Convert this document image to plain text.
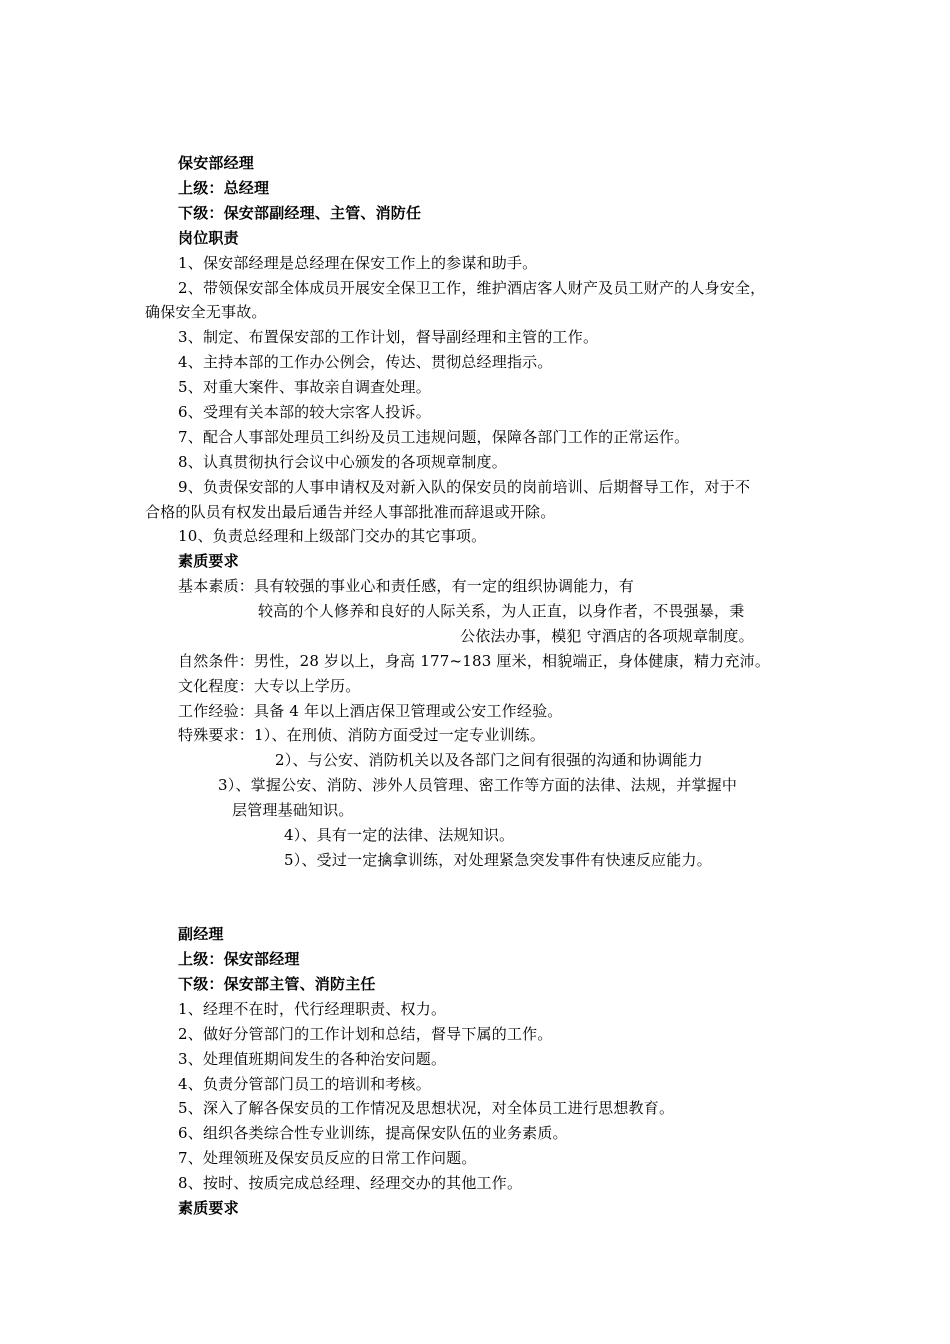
保安部经理
上级：总经理
下级：保安部副经理、主管、消防任
岗位职责
1、保安部经理是总经理在保安工作上的参谋和助手。
2、带领保安部全体成员开展安全保卫工作，维护酒店客人财产及员工财产的人身安全，
确保安全无事故。
3、制定、布置保安部的工作计划，督导副经理和主管的工作。
4、主持本部的工作办公例会，传达、贯彻总经理指示。
5、对重大案件、事故亲自调查处理。
6、受理有关本部的较大宗客人投诉。
7、配合人事部处理员工纠纷及员工违规问题，保障各部门工作的正常运作。
8、认真贯彻执行会议中心颁发的各项规章制度。
9、负责保安部的人事申请权及对新入队的保安员的岗前培训、后期督导工作，对于不
合格的队员有权发出最后通告并经人事部批准而辞退或开除。
10、负责总经理和上级部门交办的其它事项。
素质要求
基本素质：具有较强的事业心和责任感，有一定的组织协调能力，有
较高的个人修养和良好的人际关系，为人正直，以身作者，不畏强暴，秉
公依法办事，模犯 守酒店的各项规章制度。
自然条件：男性，28 岁以上，身高 177~183 厘米，相貌端正，身体健康，精力充沛。
文化程度：大专以上学历。
工作经验：具备 4 年以上酒店保卫管理或公安工作经验。
特殊要求：1）、在刑侦、消防方面受过一定专业训练。
2）、与公安、消防机关以及各部门之间有很强的沟通和协调能力
3）、掌握公安、消防、涉外人员管理、密工作等方面的法律、法规，并掌握中
层管理基础知识。
4）、具有一定的法律、法规知识。
5）、受过一定擒拿训练，对处理紧急突发事件有快速反应能力。
副经理
上级：保安部经理
下级：保安部主管、消防主任
1、经理不在时，代行经理职责、权力。
2、做好分管部门的工作计划和总结，督导下属的工作。
3、处理值班期间发生的各种治安问题。
4、负责分管部门员工的培训和考核。
5、深入了解各保安员的工作情况及思想状况，对全体员工进行思想教育。
6、组织各类综合性专业训练，提高保安队伍的业务素质。
7、处理领班及保安员反应的日常工作问题。
8、按时、按质完成总经理、经理交办的其他工作。
素质要求
